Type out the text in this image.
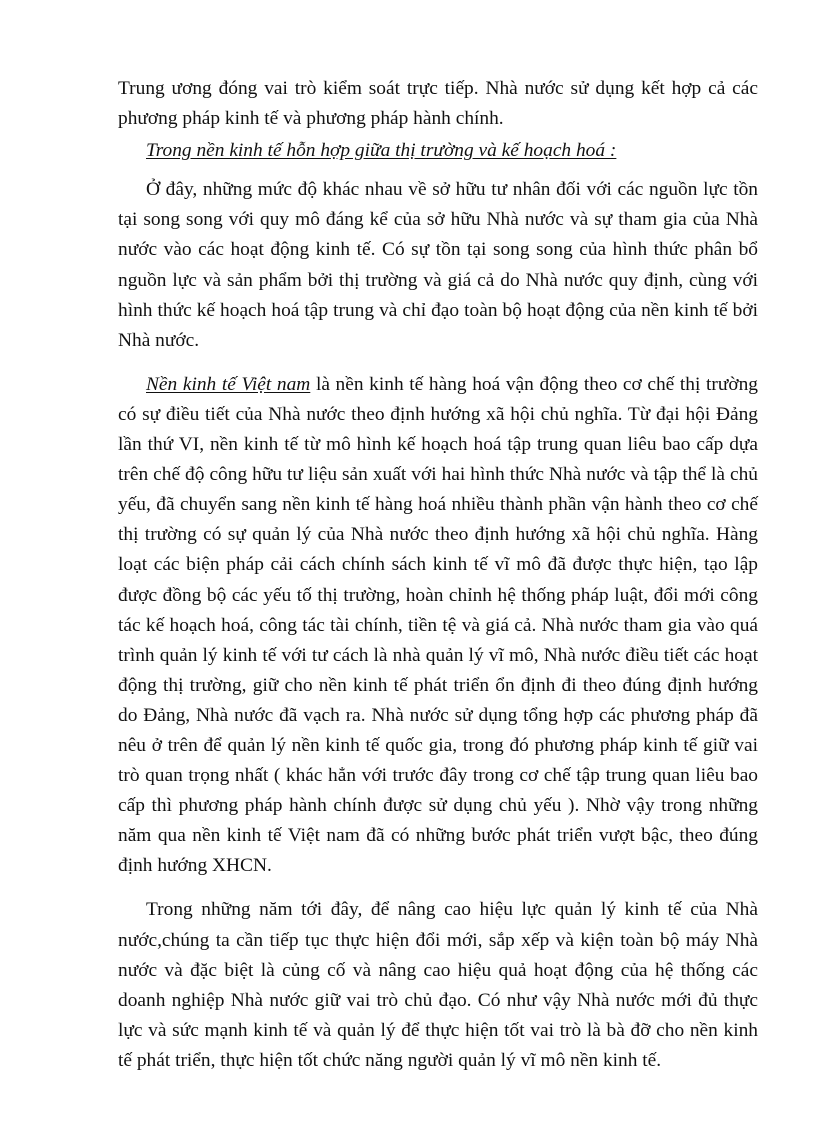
Trung ương đóng vai trò kiểm soát trực tiếp. Nhà nước sử dụng kết hợp cả các phương pháp kinh tế và phương pháp hành chính.

Trong nền kinh tế hỗn hợp giữa thị trường và kế hoạch hoá :

Ở đây, những mức độ khác nhau về sở hữu tư nhân đối với các nguồn lực tồn tại song song với quy mô đáng kể của sở hữu Nhà nước và sự tham gia của Nhà nước vào các hoạt động kinh tế. Có sự tồn tại song song của hình thức phân bổ nguồn lực và sản phẩm bởi thị trường và giá cả do Nhà nước quy định, cùng với hình thức kế hoạch hoá tập trung và chỉ đạo toàn bộ hoạt động của nền kinh tế bởi Nhà nước.

Nền kinh tế Việt nam là nền kinh tế hàng hoá vận động theo cơ chế thị trường có sự điều tiết của Nhà nước theo định hướng xã hội chủ nghĩa. Từ đại hội Đảng lần thứ VI, nền kinh tế từ mô hình kế hoạch hoá tập trung quan liêu bao cấp dựa trên chế độ công hữu tư liệu sản xuất với hai hình thức Nhà nước và tập thể là chủ yếu, đã chuyển sang nền kinh tế hàng hoá nhiều thành phần vận hành theo cơ chế thị trường có sự quản lý của Nhà nước theo định hướng xã hội chủ nghĩa. Hàng loạt các biện pháp cải cách chính sách kinh tế vĩ mô đã được thực hiện, tạo lập được đồng bộ các yếu tố thị trường, hoàn chỉnh hệ thống pháp luật, đổi mới công tác kế hoạch hoá, công tác tài chính, tiền tệ và giá cả. Nhà nước tham gia vào quá trình quản lý kinh tế với tư cách là nhà quản lý vĩ mô, Nhà nước điều tiết các hoạt động thị trường, giữ cho nền kinh tế phát triển ổn định đi theo đúng định hướng do Đảng, Nhà nước đã vạch ra. Nhà nước sử dụng tổng hợp các phương pháp đã nêu ở trên để quản lý nền kinh tế quốc gia, trong đó phương pháp kinh tế giữ vai trò quan trọng nhất ( khác hẳn với trước đây trong cơ chế tập trung quan liêu bao cấp thì phương pháp hành chính được sử dụng chủ yếu ). Nhờ vậy trong những năm qua nền kinh tế Việt nam đã có những bước phát triển vượt bậc, theo đúng định hướng XHCN.

Trong những năm tới đây, để nâng cao hiệu lực quản lý kinh tế của Nhà nước,chúng ta cần tiếp tục thực hiện đổi mới, sắp xếp và kiện toàn bộ máy Nhà nước và đặc biệt là củng cố và nâng cao hiệu quả hoạt động của hệ thống các doanh nghiệp Nhà nước giữ vai trò chủ đạo. Có như vậy Nhà nước mới đủ thực lực và sức mạnh kinh tế và quản lý để thực hiện tốt vai trò là bà đỡ cho nền kinh tế phát triển, thực hiện tốt chức năng người quản lý vĩ mô nền kinh tế.
